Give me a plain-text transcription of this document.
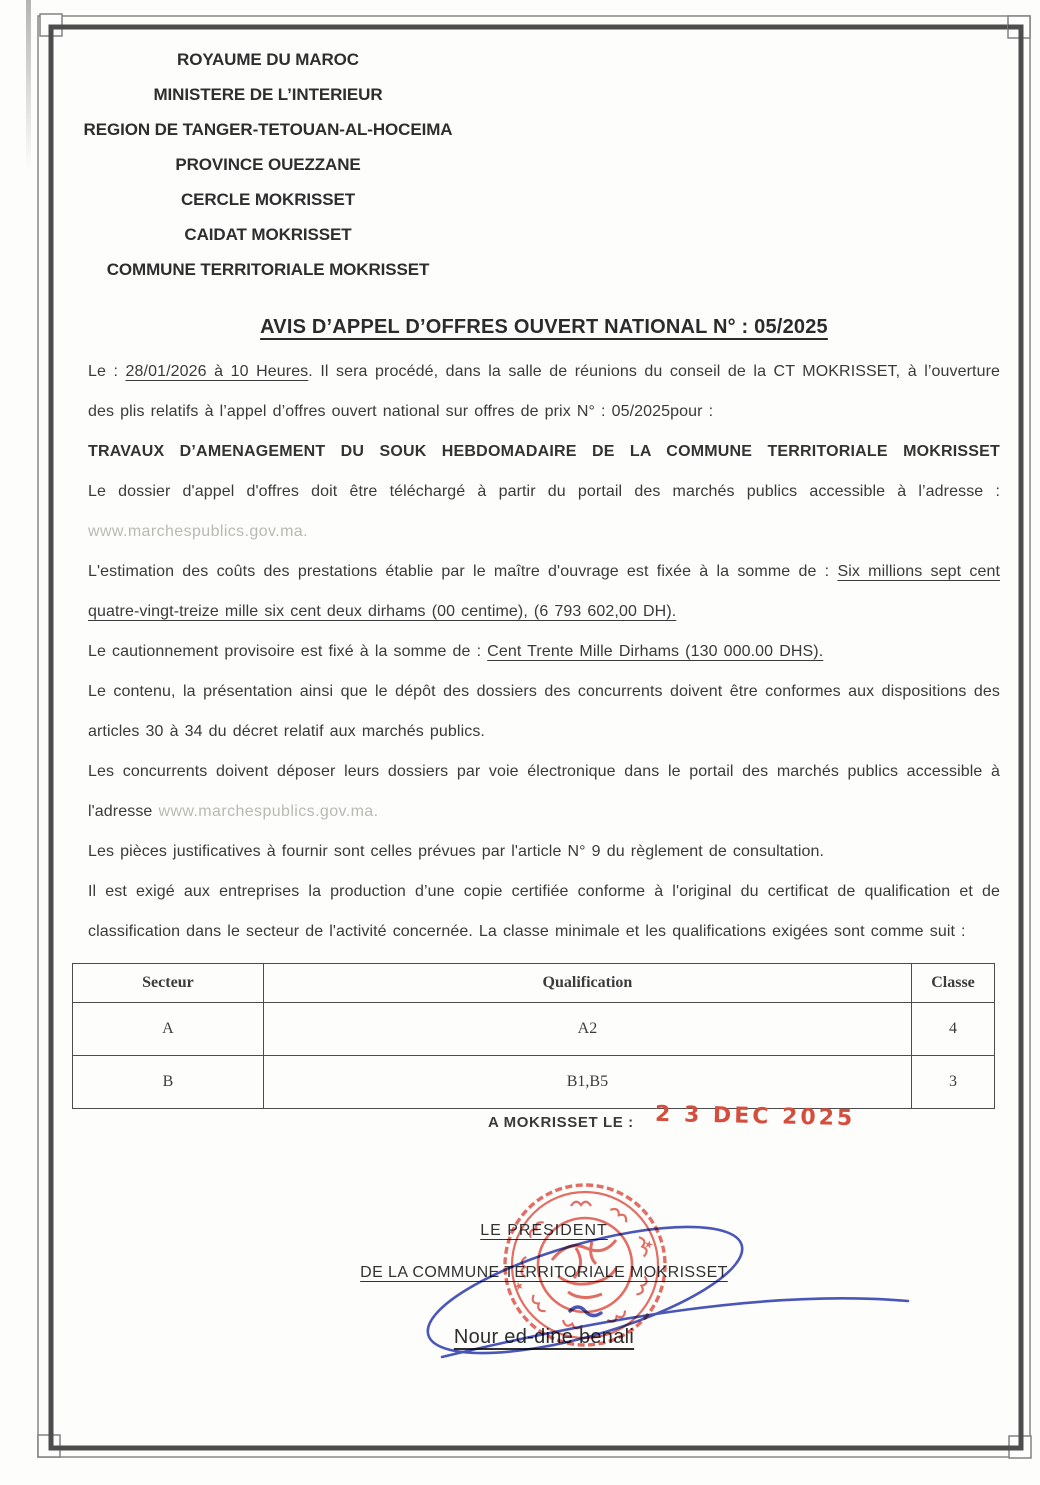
ROYAUME DU MAROC
MINISTERE DE L’INTERIEUR
REGION DE TANGER-TETOUAN-AL-HOCEIMA
PROVINCE OUEZZANE
CERCLE MOKRISSET
CAIDAT MOKRISSET
COMMUNE TERRITORIALE MOKRISSET
AVIS D’APPEL D’OFFRES OUVERT NATIONAL N° : 05/2025

Le : 28/01/2026 à 10 Heures. Il sera procédé, dans la salle de réunions du conseil de la CT MOKRISSET, à l’ouverture des plis relatifs à l’appel d’offres ouvert national sur offres de prix N° : 05/2025pour :

TRAVAUX D’AMENAGEMENT DU SOUK HEBDOMADAIRE DE LA COMMUNE TERRITORIALE MOKRISSET

Le dossier d'appel d'offres doit être téléchargé à partir du portail des marchés publics accessible à l’adresse :

www.marchespublics.gov.ma.

L'estimation des coûts des prestations établie par le maître d'ouvrage est fixée à la somme de : Six millions sept cent quatre-vingt-treize mille six cent deux dirhams (00 centime), (6 793 602,00 DH).

Le cautionnement provisoire est fixé à la somme de : Cent Trente Mille Dirhams (130 000.00 DHS).

Le contenu, la présentation ainsi que le dépôt des dossiers des concurrents doivent être conformes aux dispositions des articles 30 à 34 du décret relatif aux marchés publics.

Les concurrents doivent déposer leurs dossiers par voie électronique dans le portail des marchés publics accessible à l'adresse www.marchespublics.gov.ma.

Les pièces justificatives à fournir sont celles prévues par l'article N° 9 du règlement de consultation.

Il est exigé aux entreprises la production d’une copie certifiée conforme à l'original du certificat de qualification et de classification dans le secteur de l'activité concernée. La classe minimale et les qualifications exigées sont comme suit :

Secteur	Qualification	Classe
A	A2	4
B	B1,B5	3
A MOKRISSET LE : 2 3 DEC 2025

LE PRESIDENT

DE LA COMMUNE TERRITORIALE MOKRISSET

Nour ed-dine benali

★
★
